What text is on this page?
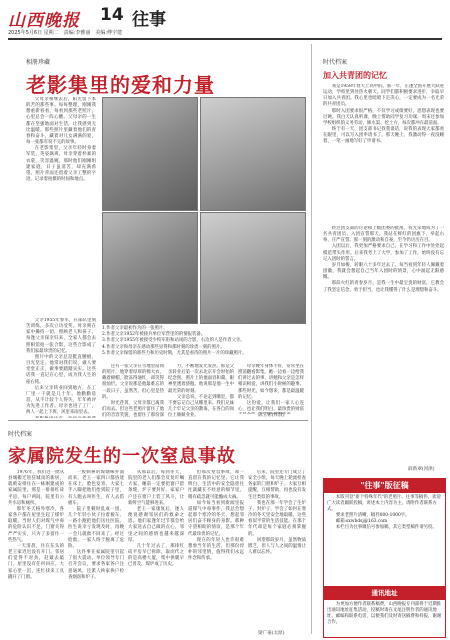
山西晚报 14 往事
2025年5月6日 星期二　责编:李雅丽　美编:傅宇建
相册珍藏
老影集里的爱和力量

父母亲相继去后，阳光留下本的苦的那些事。每每整理，刚刚我想重新看看，每看到那些老照片，心里总会一阵心酸。父母亲的一生都在坚强地面对生活，让我感到无比温暖。那些照片里藏着他们的青春和奋斗，藏着对儿女满满的爱，每一张都有说不完的故事。

在老影集里，父亲年轻时身着军装，英姿飒爽。母亲穿着朴素的衣裳，笑容温婉。那时他们刚刚组建家庭，日子虽清苦，却充满希望。照片背面还留着父亲工整的字迹，记录着拍摄的时间和地点。

1.作者父亲最初作为的一张照片。
2.作者父亲1952年被接兵单位军营里的的情报装备。
3.作者父亲1955年被接受少校军衔和站岗的合影，右边的人是作者父亲。
4.作者父亲和母亲在感动那些显得和那时刻的珍贵一刻的照片。
5.作者父亲保留的那些力和历史时期，尤其是看待的照片一片的珍藏照片。

父亲1955年参军，在部队里刻苦训练，多次立功受奖。母亲则在家中操持一切，照顾老人和孩子。每逢父亲探亲归来，全家人都会去照相馆拍一张合影，这些合影成了我们家最珍贵的记忆。

照片中的父亲总是挺直腰板，目光坚定。他常对我们说，做人要堂堂正正，做事要踏踏实实。这些话我一直记在心里，成为我人生的座右铭。

后来父亲转业回到地方，在工厂里一干就是几十年。他勤勤恳恳，从不计较个人得失，年年被评为先进工作者。母亲也进了工厂，两人一起上下班，风里来雨里去。

还有一张父亲在雪地里站岗的照片，他穿着厚厚的棉大衣，戴着棉帽，脸冻得通红，却笑得很灿烂。父亲说那是他最难忘的一段日子，虽然苦，但心里是热的。

时光荏苒，父母亲都已离我们而去。但这些老照片留住了他们的音容笑貌，也留住了那份深

力，不断地发光发热。那是父亲转业后第一次去北京开会时拍的纪念照，照片上的他面容和蔼，眼神里透着骄傲。他说那是他一生中最光荣的时刻。

父亲总说，不论走到哪里，都不要忘记自己从哪里来。我们兄妹几个牢记父亲的教诲，在各自的岗位上兢兢业业。

母亲晚年身体不好，常常坐在窗前翻看影集。她一边看一边给我们讲过去的事，讲她和父亲是怎样相识相爱，讲我们小时候的趣事。那些时光，如今想来，都是最温暖的记忆。

这份爱，让我们一家人心连心，也让我们明白，最珍贵的财富

陈玉彬(祥晨)
时代档案
家属院发生的一次窒息事故

1976年，我们这一批从县城搬迁进驻城南的新居，就被安排住在一栋刚建成的家属院里。那是一排排红砖平房，每户两间，院里有公共水房和厕所。

那年冬天格外寒冷，各家各户都在屋里生起了煤炉取暖。当时人们对煤气中毒的危险认识不足，门窗关得严严实实，只为了多留住一些热气。

一天清晨，住在东头的老王家迟迟没有开门。邻居们觉得不对劲，赶紧去敲门，屋里没有任何回应。大家心里一沉，连忙找来工具撬开了门窗。

一股刺鼻的煤烟味扑面而来，老王一家四口都昏迷在床上，脸色发青。大家七手八脚把他们抬到院子里，有人跑去叫医生，有人去借板车。

院子里顿时乱成一团。几个年轻小伙子拉着板车，一路小跑把他们送往医院。医生说幸亏发现及时，再晚一会儿就救不回来了。经过抢救，一家人终于脱离了危险。

这件事在家属院里引起了很大震动。单位领导专门召开会议，要求各家各户注意通风，还派人挨家挨户检查烟囱和炉子。

从那以后，每到冬天，院里的老人们都会反复叮嘱大家，睡前一定要把窗户留条缝，炉子要封好。家家户户还在窗户上装了风斗，让新鲜空气能够进来。

老王一家康复后，逢人便说感谢邻居们的救命之恩。他们家逢年过节都会给大家送去自己做的点心，邻里之间的感情也越来越深厚。

几十年过去了，那排红砖平房早已拆除，取而代之的是高楼大厦，集中供暖早已普及，煤炉成了历史。

但那次窒息事故，却一直留在我的记忆里。它让我明白，生活中的安全隐患往往就藏在不经意的细节里，稍有疏忽就可能酿成大祸。

如今每当看到新闻里报道煤气中毒事件，我总会想起那个寒冷的冬天，想起邻居们奋不顾身的身影。那种守望相助的情谊，是那个年代最珍贵的记忆。

现在的年轻人也许很难想象当年的生活，但那份淳朴的邻里情，值得我们永远怀念和传承。

后来，院里还专门成立了安全小组，每天晚上轮流检查各家的门窗和炉子。大家互相提醒，互相帮助，再也没有发生过类似的事故。

我也在那一年学会了生炉子、封炉子，学会了如何在寒冷的冬天里安全地取暖。这些看似平常的生活技能，在那个年代却是每个家庭必须掌握的。

回望那段岁月，虽然物质匮乏，但人与人之间的温情让人难以忘怀。

梁广豪(太原)
时代档案
加入共青团的记忆

我是1958年春天上高中的。那一年，正逢全国开展大跃进运动，学校里到处热火朝天。同学们都积极要求进步，争取早日加入共青团。我心里也暗暗下定决心，一定要成为一名光荣的共青团员。

那时入团要求很严格，不仅学习成绩要好，思想表现也要过硬。我白天认真听课，晚上帮助同学复习功课，周末还参加学校组织的义务劳动，修水渠、挖土方，每次都冲在最前面。

终于有一天，团支部书记找我谈话，说我的表现大家都看在眼里，可以写入团申请书了。那天晚上，我激动得一夜没睡着，一笔一画地写好了申请书。

经过团支部的讨论和上级团委的批准，我光荣地成为了一名共青团员。入团宣誓那天，我站在鲜红的团旗下，举起右拳，庄严宣誓。那一刻的激动和自豪，至今仍历历在目。

入团以后，我更加严格要求自己，在学习和工作中处处起模范带头作用。后来我考上了大学，参加了工作，始终没有忘记入团时的誓言。

岁月如梭，转眼六十多年过去了。每当看到年轻人佩戴着团徽，我就会想起自己当年入团时的情景，心中涌起无限感慨。

那段火红的青春岁月，是我一生中最宝贵的财富，它教会了我坚定信念、勇于担当，也让我懂得了什么是理想和奋斗。

薛新翠(河津)
"往事"版征稿

本版刊登"新个特殊年代"的老照片、往事等稿件。欢迎广大读者踊跃投稿，讲述本土内容为主，请附作者联系方式。

要求老照片清晰，稿件800-1000字。

邮箱:sxwbdsj@163.com

本栏目为往事微信号参加稿，其它类型稿件请另投。

通讯地址

为更加方便作者联系稿费，山西晚报专刊部将于近期推出通讯地址征集活动，投稿时请在文尾注明作者的通讯地址、邮编和联系电话，以便我们及时寄送稿费和样报，谢谢合作。
